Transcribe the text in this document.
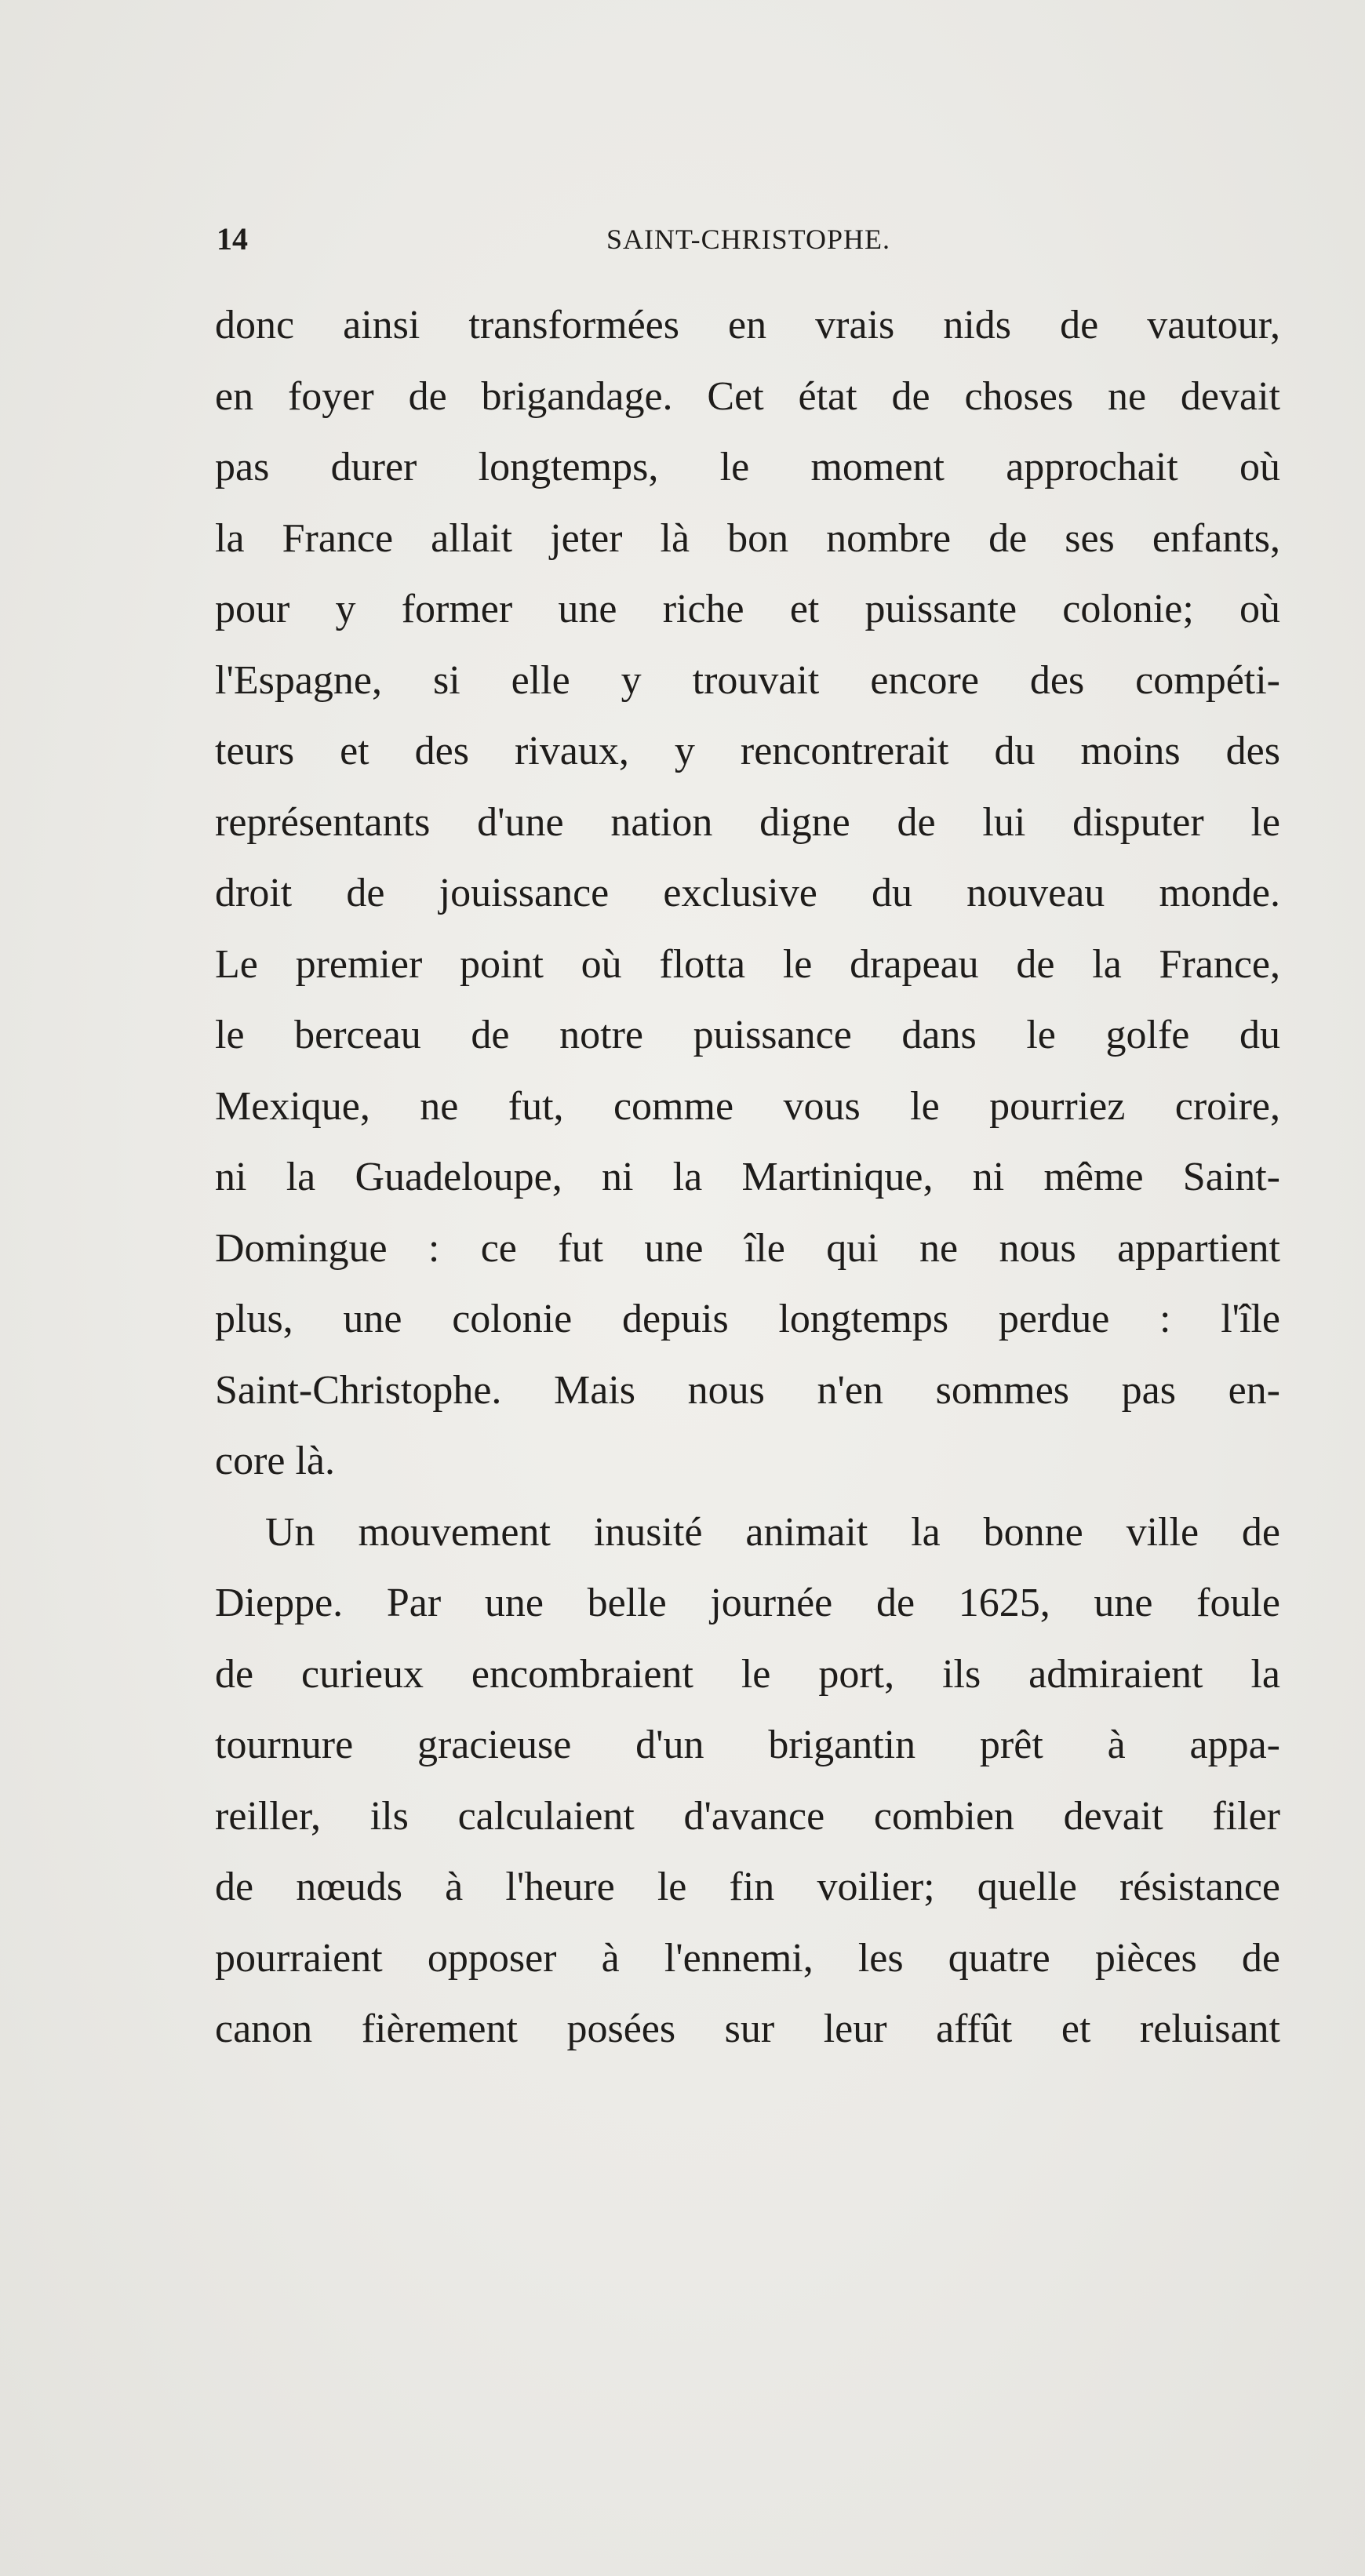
14	SAINT-CHRISTOPHE.
donc ainsi transformées en vrais nids de vautour,
en foyer de brigandage. Cet état de choses ne devait
pas durer longtemps, le moment approchait où
la France allait jeter là bon nombre de ses enfants,
pour y former une riche et puissante colonie; où
l'Espagne, si elle y trouvait encore des compéti-
teurs et des rivaux, y rencontrerait du moins des
représentants d'une nation digne de lui disputer le
droit de jouissance exclusive du nouveau monde.
Le premier point où flotta le drapeau de la France,
le berceau de notre puissance dans le golfe du
Mexique, ne fut, comme vous le pourriez croire,
ni la Guadeloupe, ni la Martinique, ni même Saint-
Domingue : ce fut une île qui ne nous appartient
plus, une colonie depuis longtemps perdue : l'île
Saint-Christophe. Mais nous n'en sommes pas en-
core là.
Un mouvement inusité animait la bonne ville de
Dieppe. Par une belle journée de 1625, une foule
de curieux encombraient le port, ils admiraient la
tournure gracieuse d'un brigantin prêt à appa-
reiller, ils calculaient d'avance combien devait filer
de nœuds à l'heure le fin voilier; quelle résistance
pourraient opposer à l'ennemi, les quatre pièces de
canon fièrement posées sur leur affût et reluisant
